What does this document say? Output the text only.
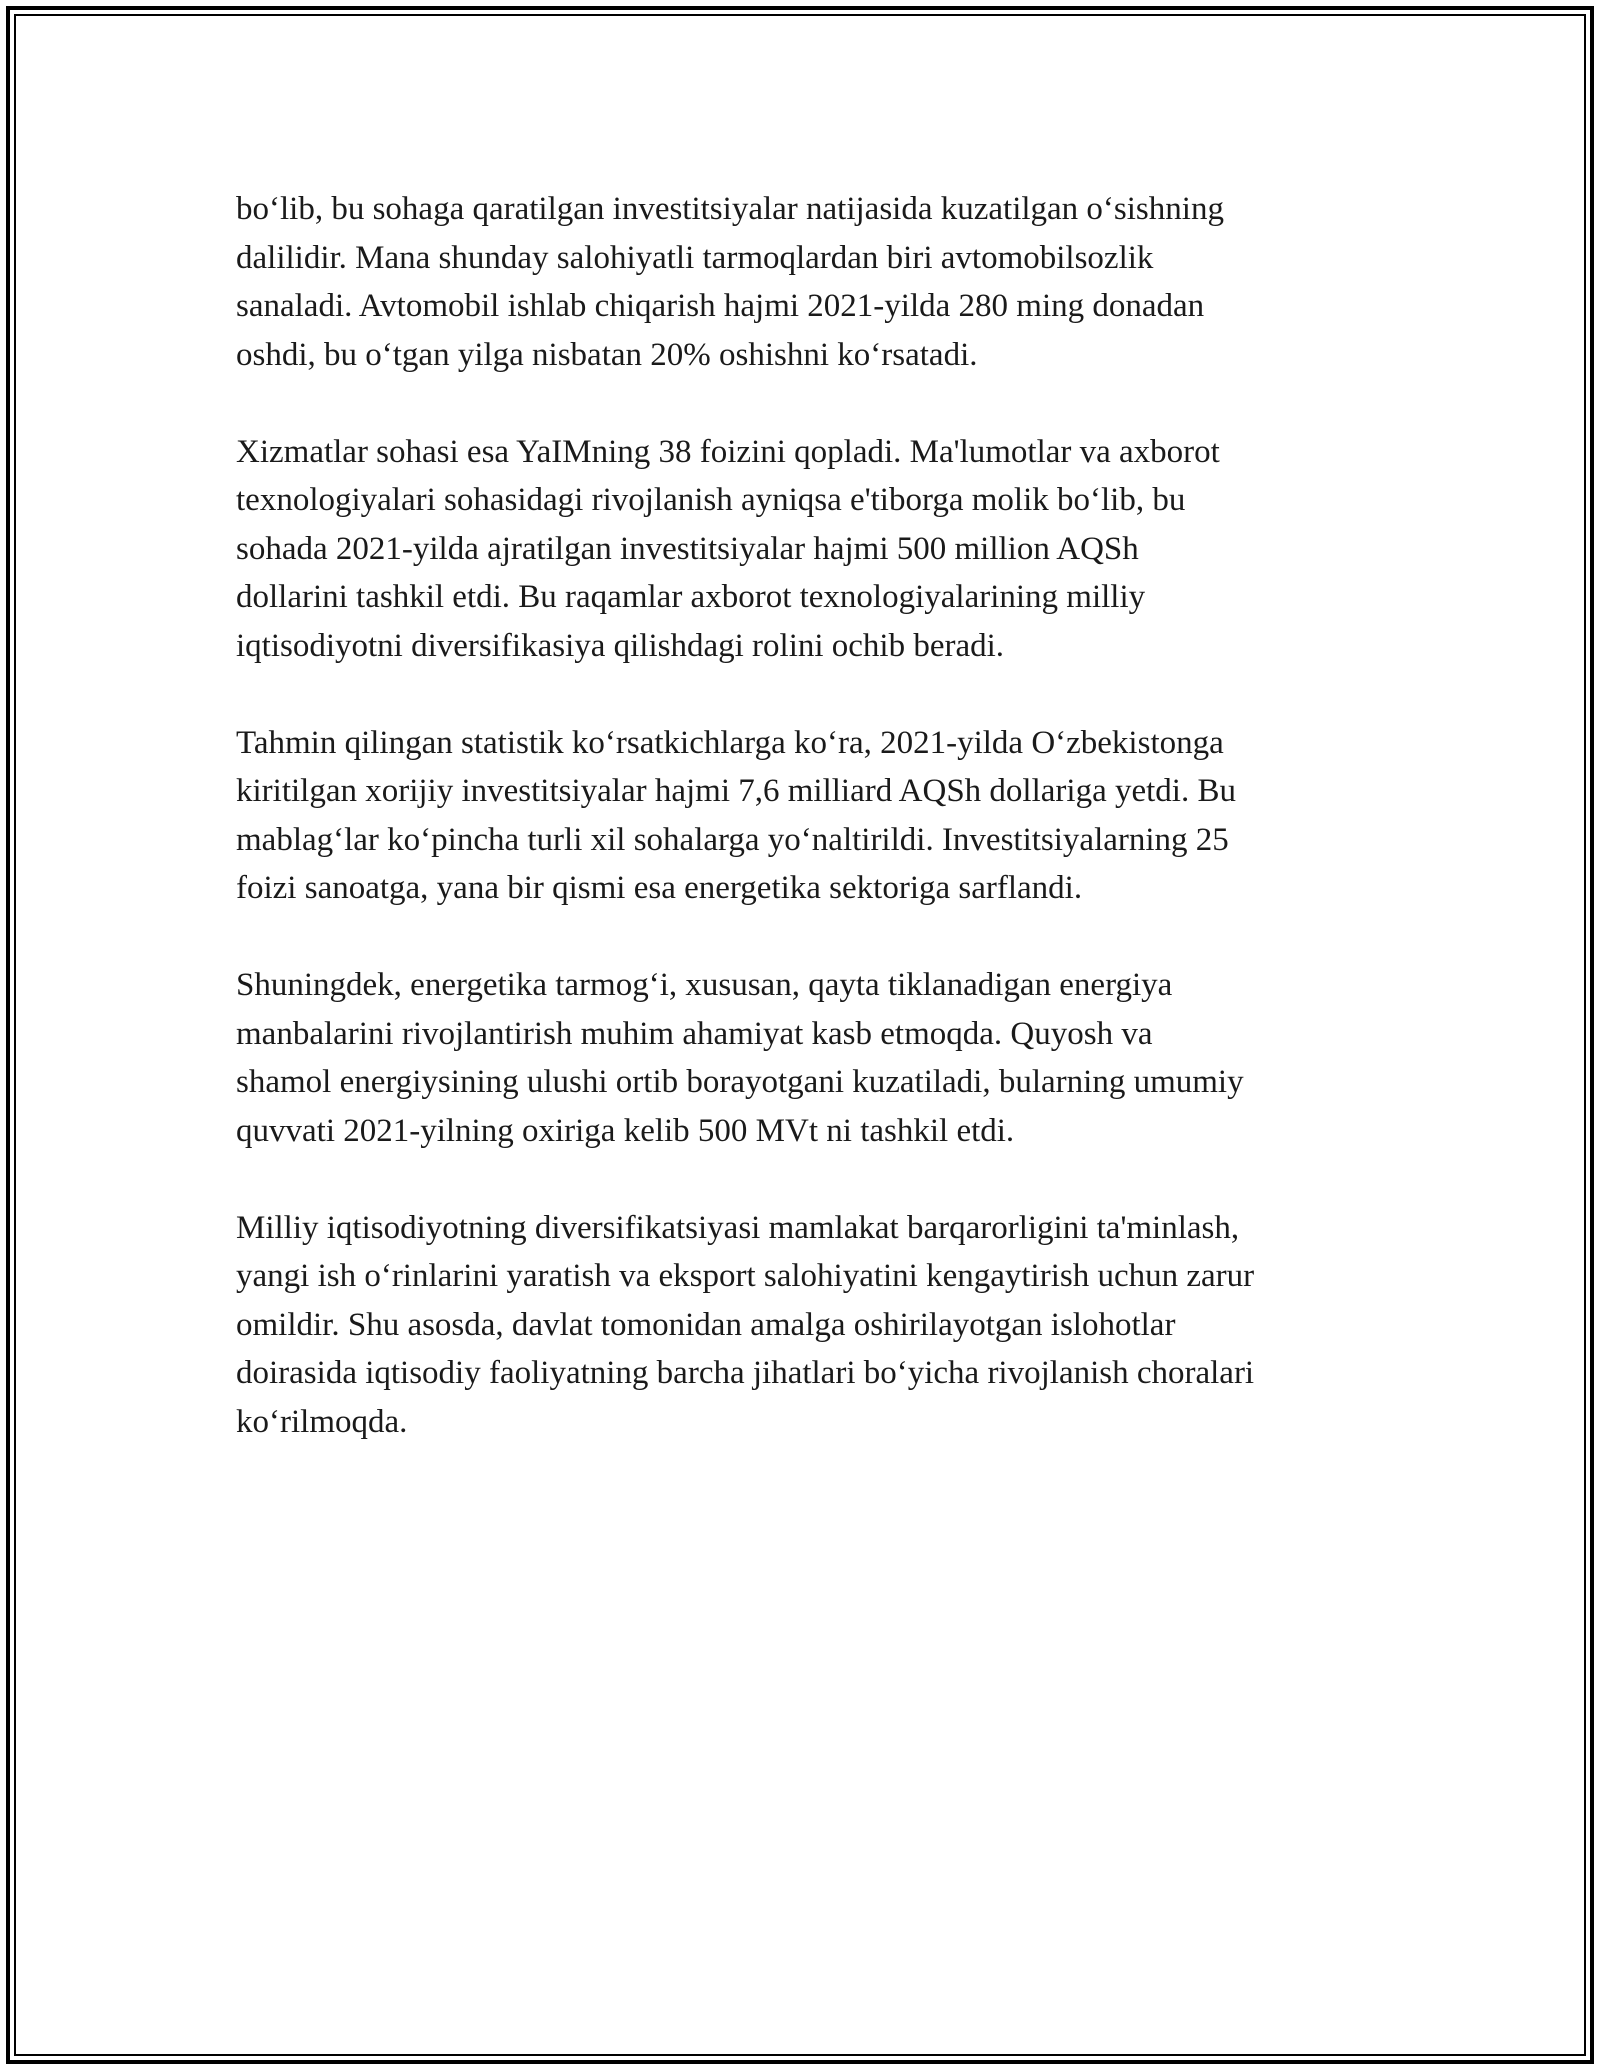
bo‘lib, bu sohaga qaratilgan investitsiyalar natijasida kuzatilgan o‘sishning
dalilidir. Mana shunday salohiyatli tarmoqlardan biri avtomobilsozlik
sanaladi. Avtomobil ishlab chiqarish hajmi 2021-yilda 280 ming donadan
oshdi, bu o‘tgan yilga nisbatan 20% oshishni ko‘rsatadi.

Xizmatlar sohasi esa YaIMning 38 foizini qopladi. Ma'lumotlar va axborot
texnologiyalari sohasidagi rivojlanish ayniqsa e'tiborga molik bo‘lib, bu
sohada 2021-yilda ajratilgan investitsiyalar hajmi 500 million AQSh
dollarini tashkil etdi. Bu raqamlar axborot texnologiyalarining milliy
iqtisodiyotni diversifikasiya qilishdagi rolini ochib beradi.

Tahmin qilingan statistik ko‘rsatkichlarga ko‘ra, 2021-yilda O‘zbekistonga
kiritilgan xorijiy investitsiyalar hajmi 7,6 milliard AQSh dollariga yetdi. Bu
mablag‘lar ko‘pincha turli xil sohalarga yo‘naltirildi. Investitsiyalarning 25
foizi sanoatga, yana bir qismi esa energetika sektoriga sarflandi.

Shuningdek, energetika tarmog‘i, xususan, qayta tiklanadigan energiya
manbalarini rivojlantirish muhim ahamiyat kasb etmoqda. Quyosh va
shamol energiysining ulushi ortib borayotgani kuzatiladi, bularning umumiy
quvvati 2021-yilning oxiriga kelib 500 MVt ni tashkil etdi.

Milliy iqtisodiyotning diversifikatsiyasi mamlakat barqarorligini ta'minlash,
yangi ish o‘rinlarini yaratish va eksport salohiyatini kengaytirish uchun zarur
omildir. Shu asosda, davlat tomonidan amalga oshirilayotgan islohotlar
doirasida iqtisodiy faoliyatning barcha jihatlari bo‘yicha rivojlanish choralari
ko‘rilmoqda.
